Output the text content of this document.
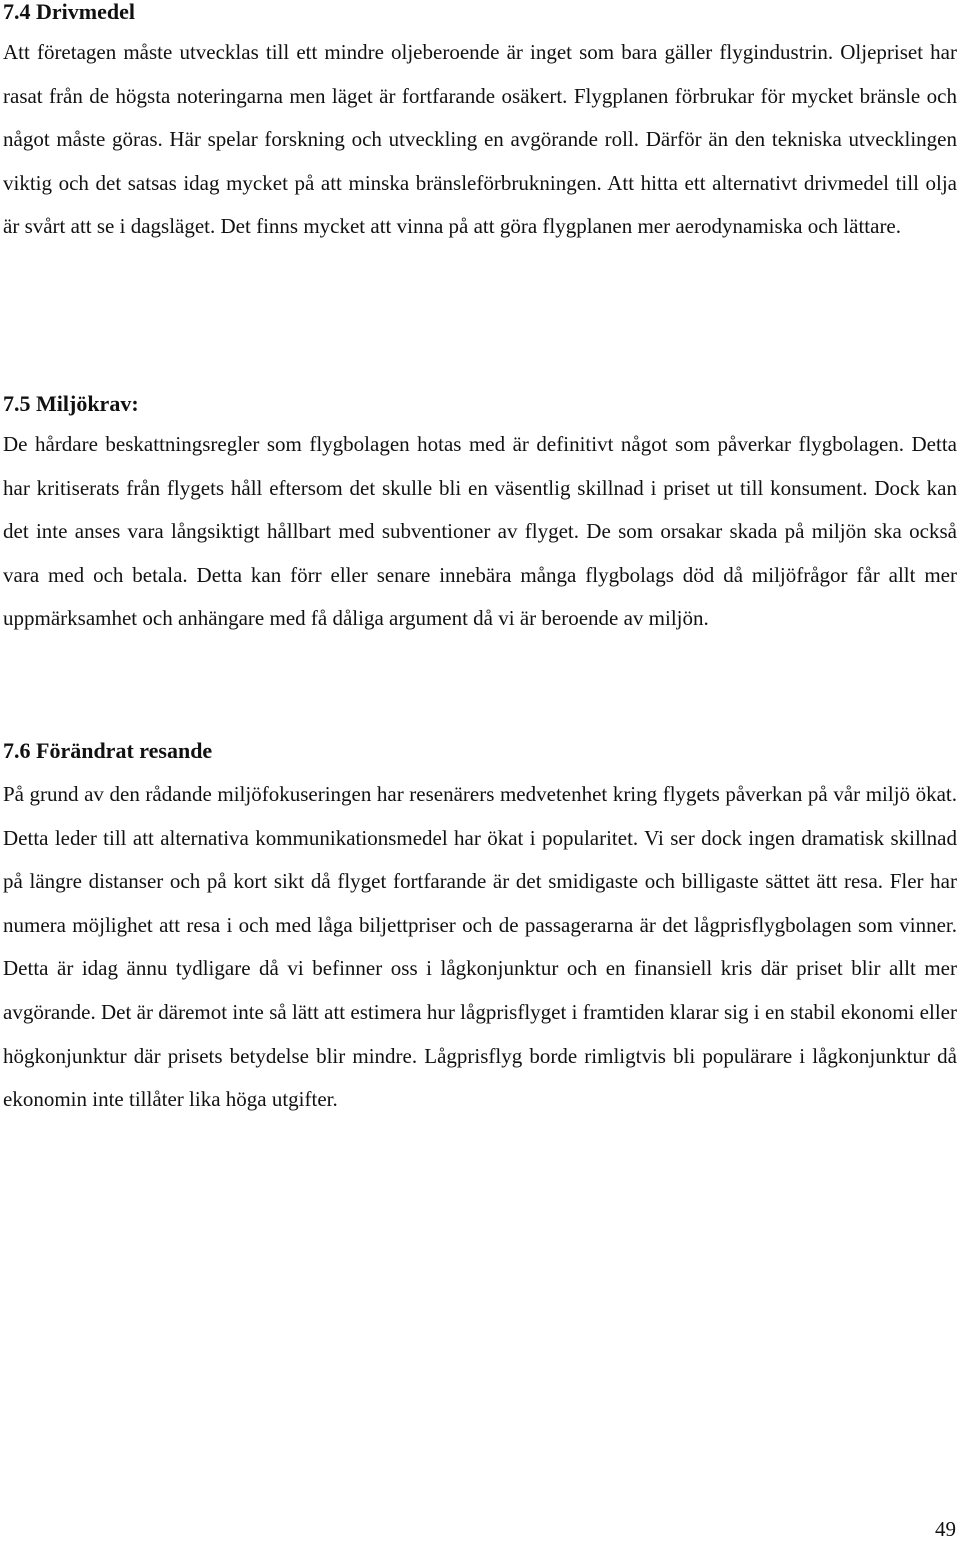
7.4 Drivmedel

Att företagen måste utvecklas till ett mindre oljeberoende är inget som bara gäller flygindustrin. Oljepriset har rasat från de högsta noteringarna men läget är fortfarande osäkert. Flygplanen förbrukar för mycket bränsle och något måste göras. Här spelar forskning och utveckling en avgörande roll. Därför än den tekniska utvecklingen viktig och det satsas idag mycket på att minska bränsleförbrukningen. Att hitta ett alternativt drivmedel till olja är svårt att se i dagsläget. Det finns mycket att vinna på att göra flygplanen mer aerodynamiska och lättare.

7.5 Miljökrav:

De hårdare beskattningsregler som flygbolagen hotas med är definitivt något som påverkar flygbolagen. Detta har kritiserats från flygets håll eftersom det skulle bli en väsentlig skillnad i priset ut till konsument. Dock kan det inte anses vara långsiktigt hållbart med subventioner av flyget. De som orsakar skada på miljön ska också vara med och betala. Detta kan förr eller senare innebära många flygbolags död då miljöfrågor får allt mer uppmärksamhet och anhängare med få dåliga argument då vi är beroende av miljön.

7.6 Förändrat resande

På grund av den rådande miljöfokuseringen har resenärers medvetenhet kring flygets påverkan på vår miljö ökat. Detta leder till att alternativa kommunikationsmedel har ökat i popularitet. Vi ser dock ingen dramatisk skillnad på längre distanser och på kort sikt då flyget fortfarande är det smidigaste och billigaste sättet ätt resa. Fler har numera möjlighet att resa i och med låga biljettpriser och de passagerarna är det lågprisflygbolagen som vinner. Detta är idag ännu tydligare då vi befinner oss i lågkonjunktur och en finansiell kris där priset blir allt mer avgörande. Det är däremot inte så lätt att estimera hur lågprisflyget i framtiden klarar sig i en stabil ekonomi eller högkonjunktur där prisets betydelse blir mindre. Lågprisflyg borde rimligtvis bli populärare i lågkonjunktur då ekonomin inte tillåter lika höga utgifter.

49
